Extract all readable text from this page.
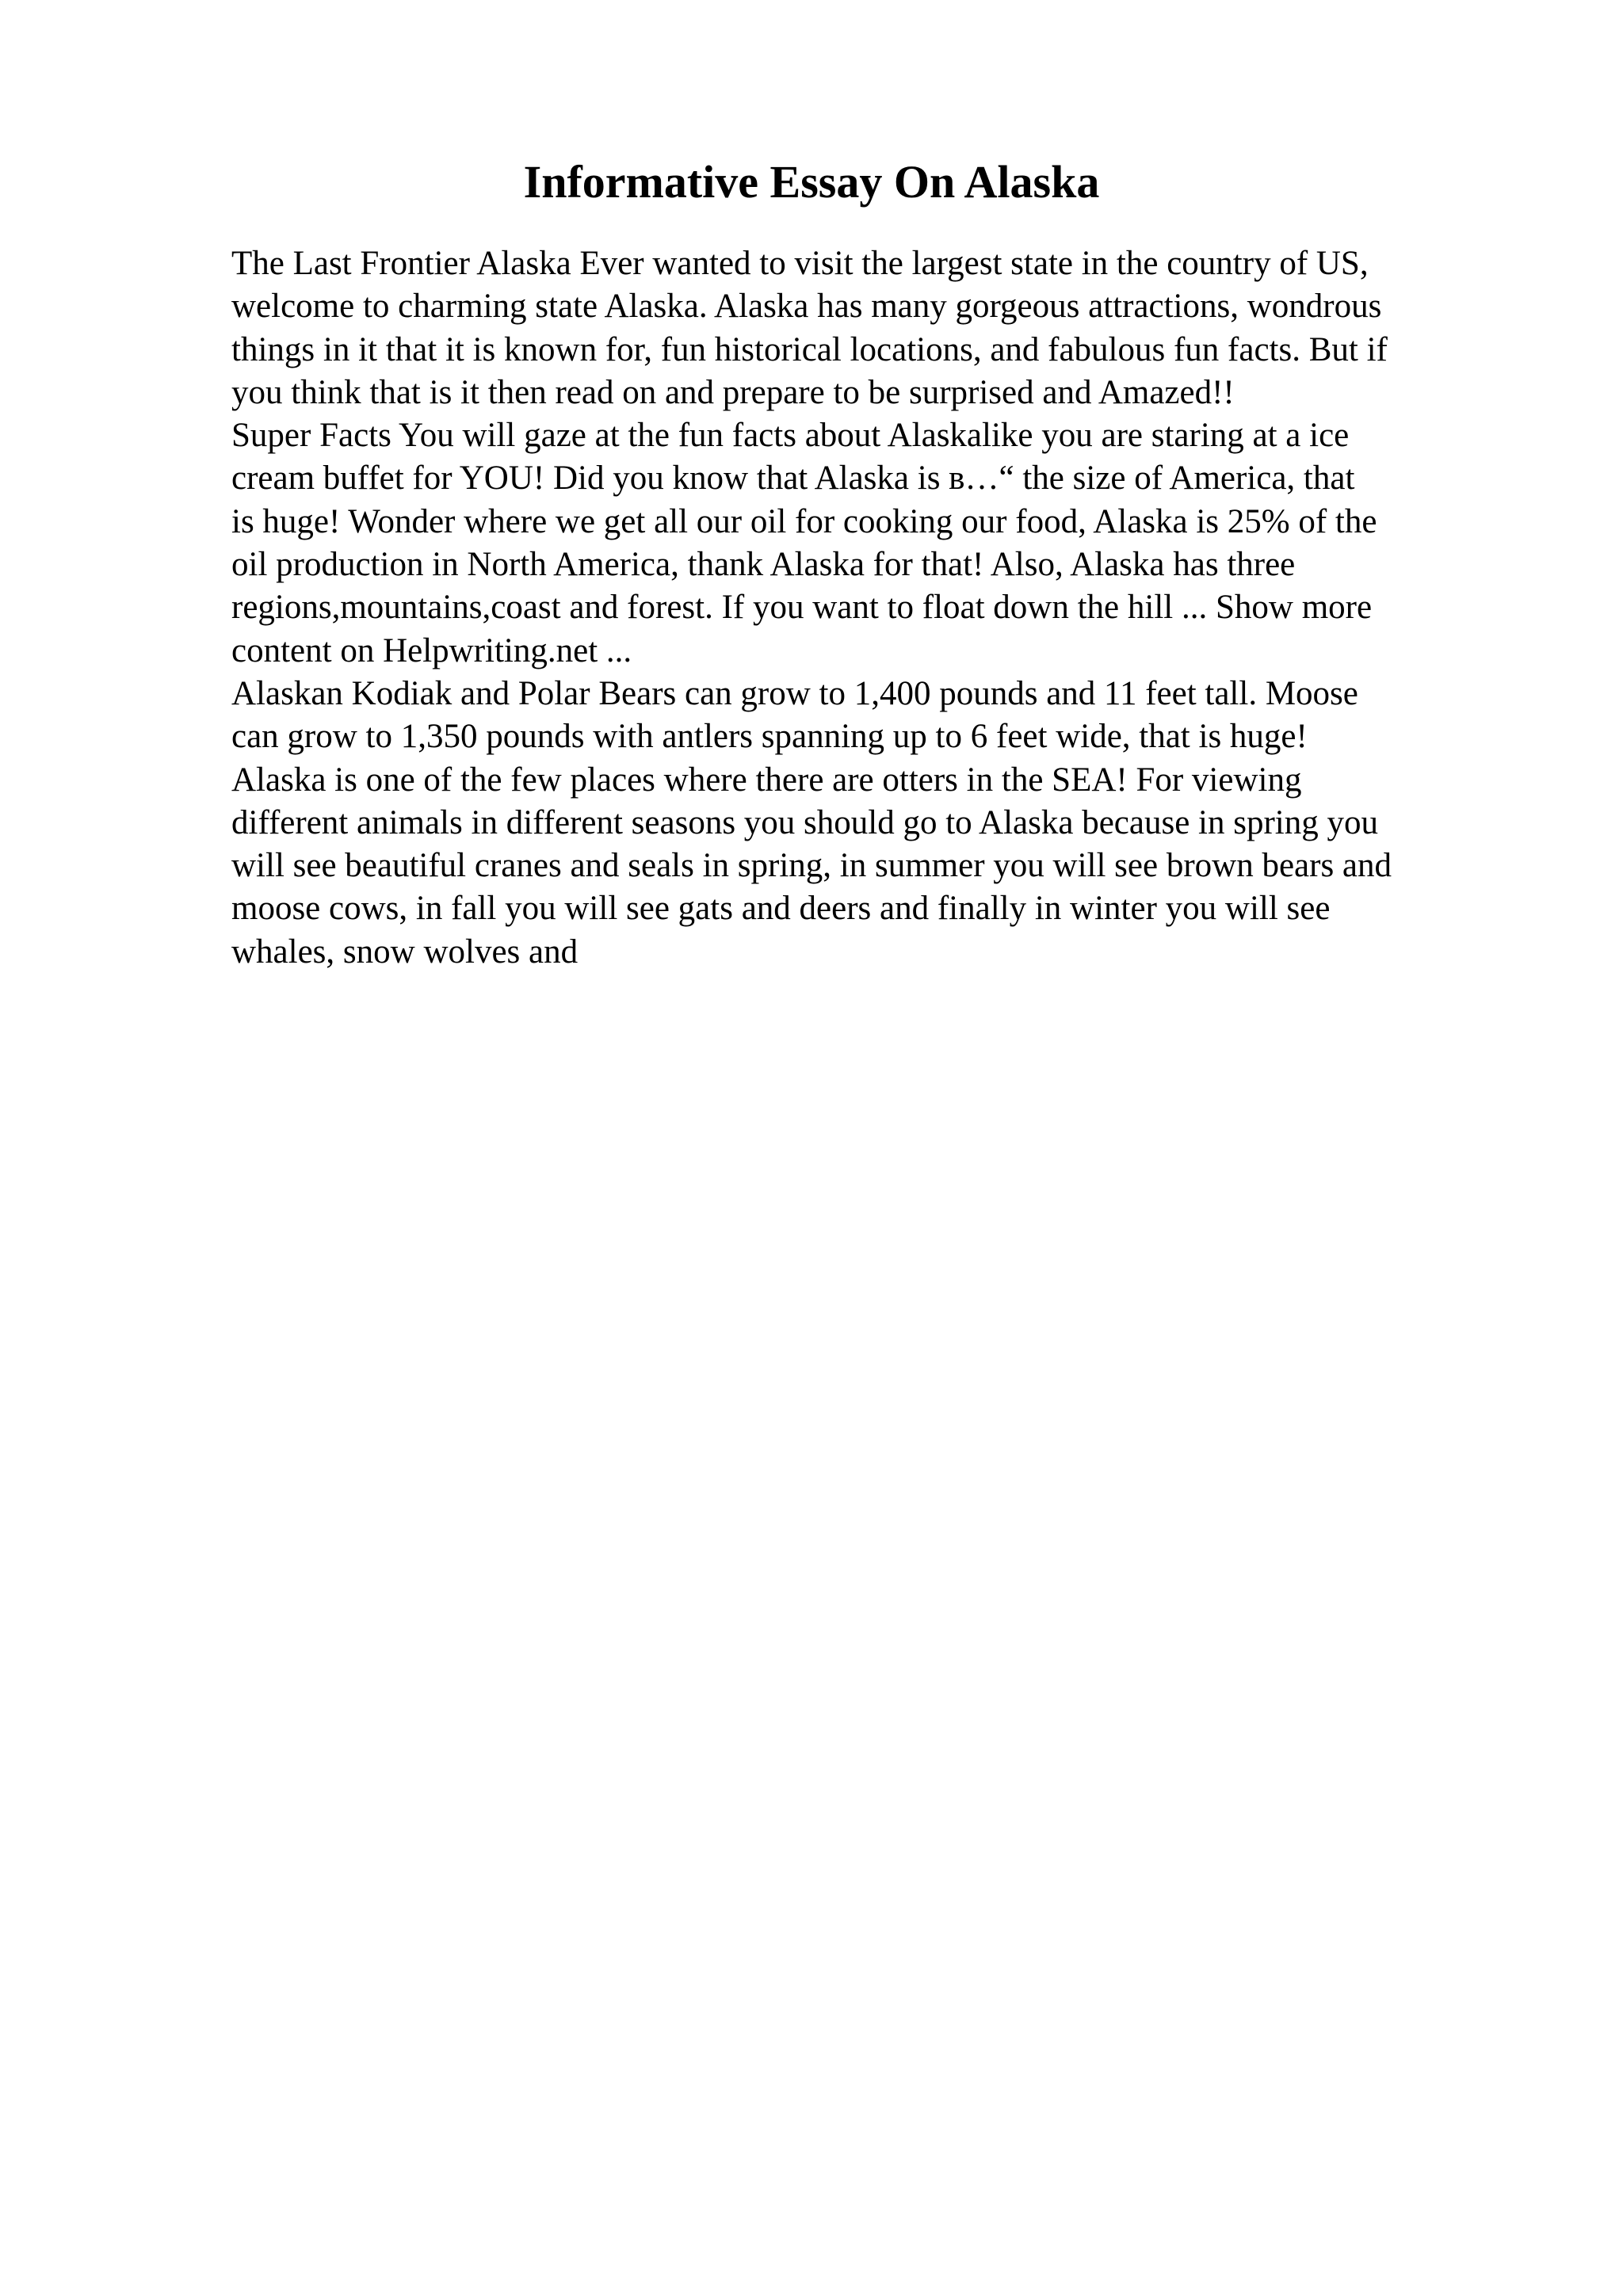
Informative Essay On Alaska
The Last Frontier Alaska Ever wanted to visit the largest state in the country of US,
welcome to charming state Alaska. Alaska has many gorgeous attractions, wondrous
things in it that it is known for, fun historical locations, and fabulous fun facts. But if
you think that is it then read on and prepare to be surprised and Amazed!!
Super Facts You will gaze at the fun facts about Alaskalike you are staring at a ice
cream buffet for YOU! Did you know that Alaska is в…“ the size of America, that
is huge! Wonder where we get all our oil for cooking our food, Alaska is 25% of the
oil production in North America, thank Alaska for that! Also, Alaska has three
regions,mountains,coast and forest. If you want to float down the hill ... Show more
content on Helpwriting.net ...
Alaskan Kodiak and Polar Bears can grow to 1,400 pounds and 11 feet tall. Moose
can grow to 1,350 pounds with antlers spanning up to 6 feet wide, that is huge!
Alaska is one of the few places where there are otters in the SEA! For viewing
different animals in different seasons you should go to Alaska because in spring you
will see beautiful cranes and seals in spring, in summer you will see brown bears and
moose cows, in fall you will see gats and deers and finally in winter you will see
whales, snow wolves and
